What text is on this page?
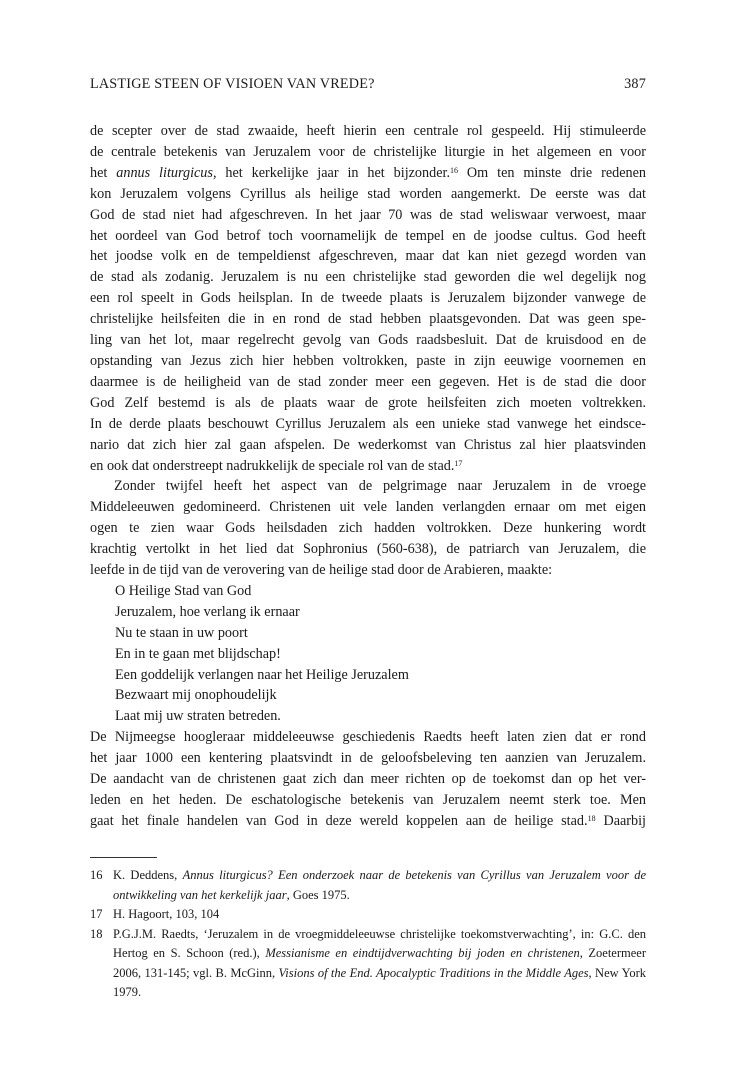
LASTIGE STEEN OF VISIOEN VAN VREDE?	387

de scepter over de stad zwaaide, heeft hierin een centrale rol gespeeld. Hij stimuleerde
de centrale betekenis van Jeruzalem voor de christelijke liturgie in het algemeen en voor
het annus liturgicus, het kerkelijke jaar in het bijzonder.$^{16}$ Om ten minste drie redenen
kon Jeruzalem volgens Cyrillus als heilige stad worden aangemerkt. De eerste was dat
God de stad niet had afgeschreven. In het jaar 70 was de stad weliswaar verwoest, maar
het oordeel van God betrof toch voornamelijk de tempel en de joodse cultus. God heeft
het joodse volk en de tempeldienst afgeschreven, maar dat kan niet gezegd worden van
de stad als zodanig. Jeruzalem is nu een christelijke stad geworden die wel degelijk nog
een rol speelt in Gods heilsplan. In de tweede plaats is Jeruzalem bijzonder vanwege de
christelijke heilsfeiten die in en rond de stad hebben plaatsgevonden. Dat was geen spe-
ling van het lot, maar regelrecht gevolg van Gods raadsbesluit. Dat de kruisdood en de
opstanding van Jezus zich hier hebben voltrokken, paste in zijn eeuwige voornemen en
daarmee is de heiligheid van de stad zonder meer een gegeven. Het is de stad die door
God Zelf bestemd is als de plaats waar de grote heilsfeiten zich moeten voltrekken.
In de derde plaats beschouwt Cyrillus Jeruzalem als een unieke stad vanwege het eindsce-
nario dat zich hier zal gaan afspelen. De wederkomst van Christus zal hier plaatsvinden
en ook dat onderstreept nadrukkelijk de speciale rol van de stad.$^{17}$

Zonder twijfel heeft het aspect van de pelgrimage naar Jeruzalem in de vroege
Middeleeuwen gedomineerd. Christenen uit vele landen verlangden ernaar om met eigen
ogen te zien waar Gods heilsdaden zich hadden voltrokken. Deze hunkering wordt
krachtig vertolkt in het lied dat Sophronius (560-638), de patriarch van Jeruzalem, die
leefde in de tijd van de verovering van de heilige stad door de Arabieren, maakte:

O Heilige Stad van God
Jeruzalem, hoe verlang ik ernaar
Nu te staan in uw poort
En in te gaan met blijdschap!
Een goddelijk verlangen naar het Heilige Jeruzalem
Bezwaart mij onophoudelijk
Laat mij uw straten betreden.

De Nijmeegse hoogleraar middeleeuwse geschiedenis Raedts heeft laten zien dat er rond
het jaar 1000 een kentering plaatsvindt in de geloofsbeleving ten aanzien van Jeruzalem.
De aandacht van de christenen gaat zich dan meer richten op de toekomst dan op het ver-
leden en het heden. De eschatologische betekenis van Jeruzalem neemt sterk toe. Men
gaat het finale handelen van God in deze wereld koppelen aan de heilige stad.$^{18}$ Daarbij

16 K. Deddens, Annus liturgicus? Een onderzoek naar de betekenis van Cyrillus van Jeruzalem voor de ontwikkeling van het kerkelijk jaar, Goes 1975.
17 H. Hagoort, 103, 104
18 P.G.J.M. Raedts, ‘Jeruzalem in de vroegmiddeleeuwse christelijke toekomstverwachting’, in: G.C. den Hertog en S. Schoon (red.), Messianisme en eindtijdverwachting bij joden en christenen, Zoetermeer 2006, 131-145; vgl. B. McGinn, Visions of the End. Apocalyptic Traditions in the Middle Ages, New York 1979.
